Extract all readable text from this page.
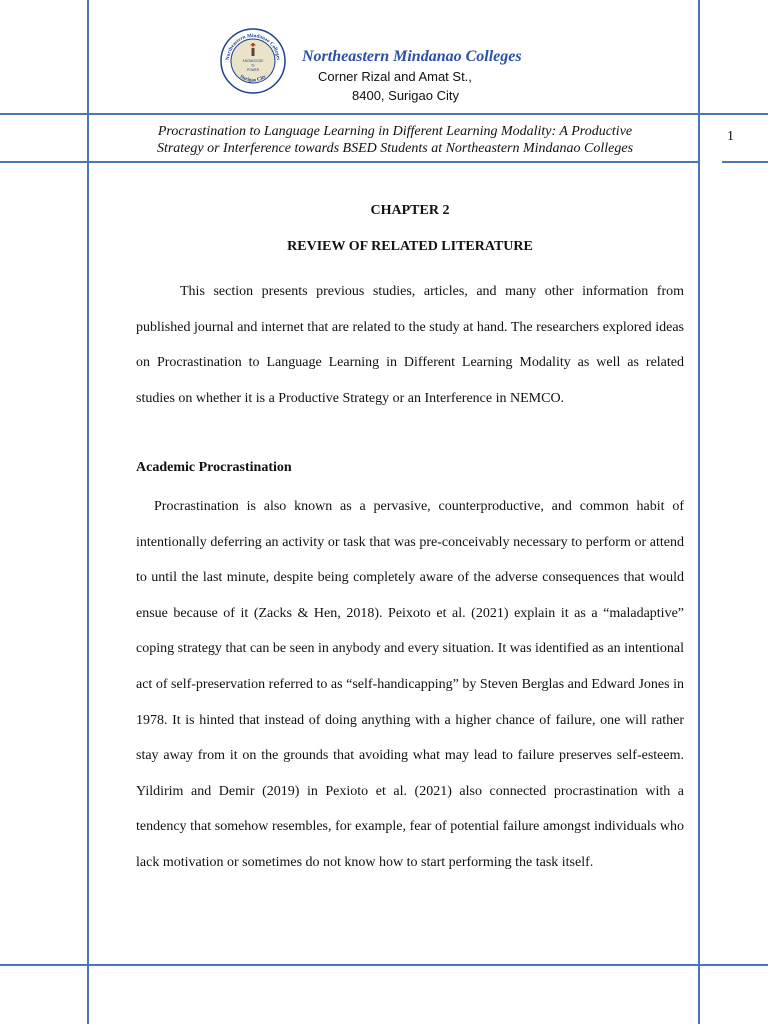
Northeastern Mindanao Colleges
Surigao City
KNOWLEDGE
IS
POWER
Northeastern Mindanao Colleges
Corner Rizal and Amat St.,
8400, Surigao City
Procrastination to Language Learning in Different Learning Modality: A Productive
Strategy or Interference towards BSED Students at Northeastern Mindanao Colleges
1
CHAPTER 2
REVIEW OF RELATED LITERATURE

This section presents previous studies, articles, and many other information from published journal and internet that are related to the study at hand. The researchers explored ideas on Procrastination to Language Learning in Different Learning Modality as well as related studies on whether it is a Productive Strategy or an Interference in NEMCO.

Academic Procrastination

Procrastination is also known as a pervasive, counterproductive, and common habit of intentionally deferring an activity or task that was pre-conceivably necessary to perform or attend to until the last minute, despite being completely aware of the adverse consequences that would ensue because of it (Zacks & Hen, 2018). Peixoto et al. (2021) explain it as a “maladaptive” coping strategy that can be seen in anybody and every situation. It was identified as an intentional act of self-preservation referred to as “self-handicapping” by Steven Berglas and Edward Jones in 1978. It is hinted that instead of doing anything with a higher chance of failure, one will rather stay away from it on the grounds that avoiding what may lead to failure preserves self-esteem. Yildirim and Demir (2019) in Pexioto et al. (2021) also connected procrastination with a tendency that somehow resembles, for example, fear of potential failure amongst individuals who lack motivation or sometimes do not know how to start performing the task itself.
